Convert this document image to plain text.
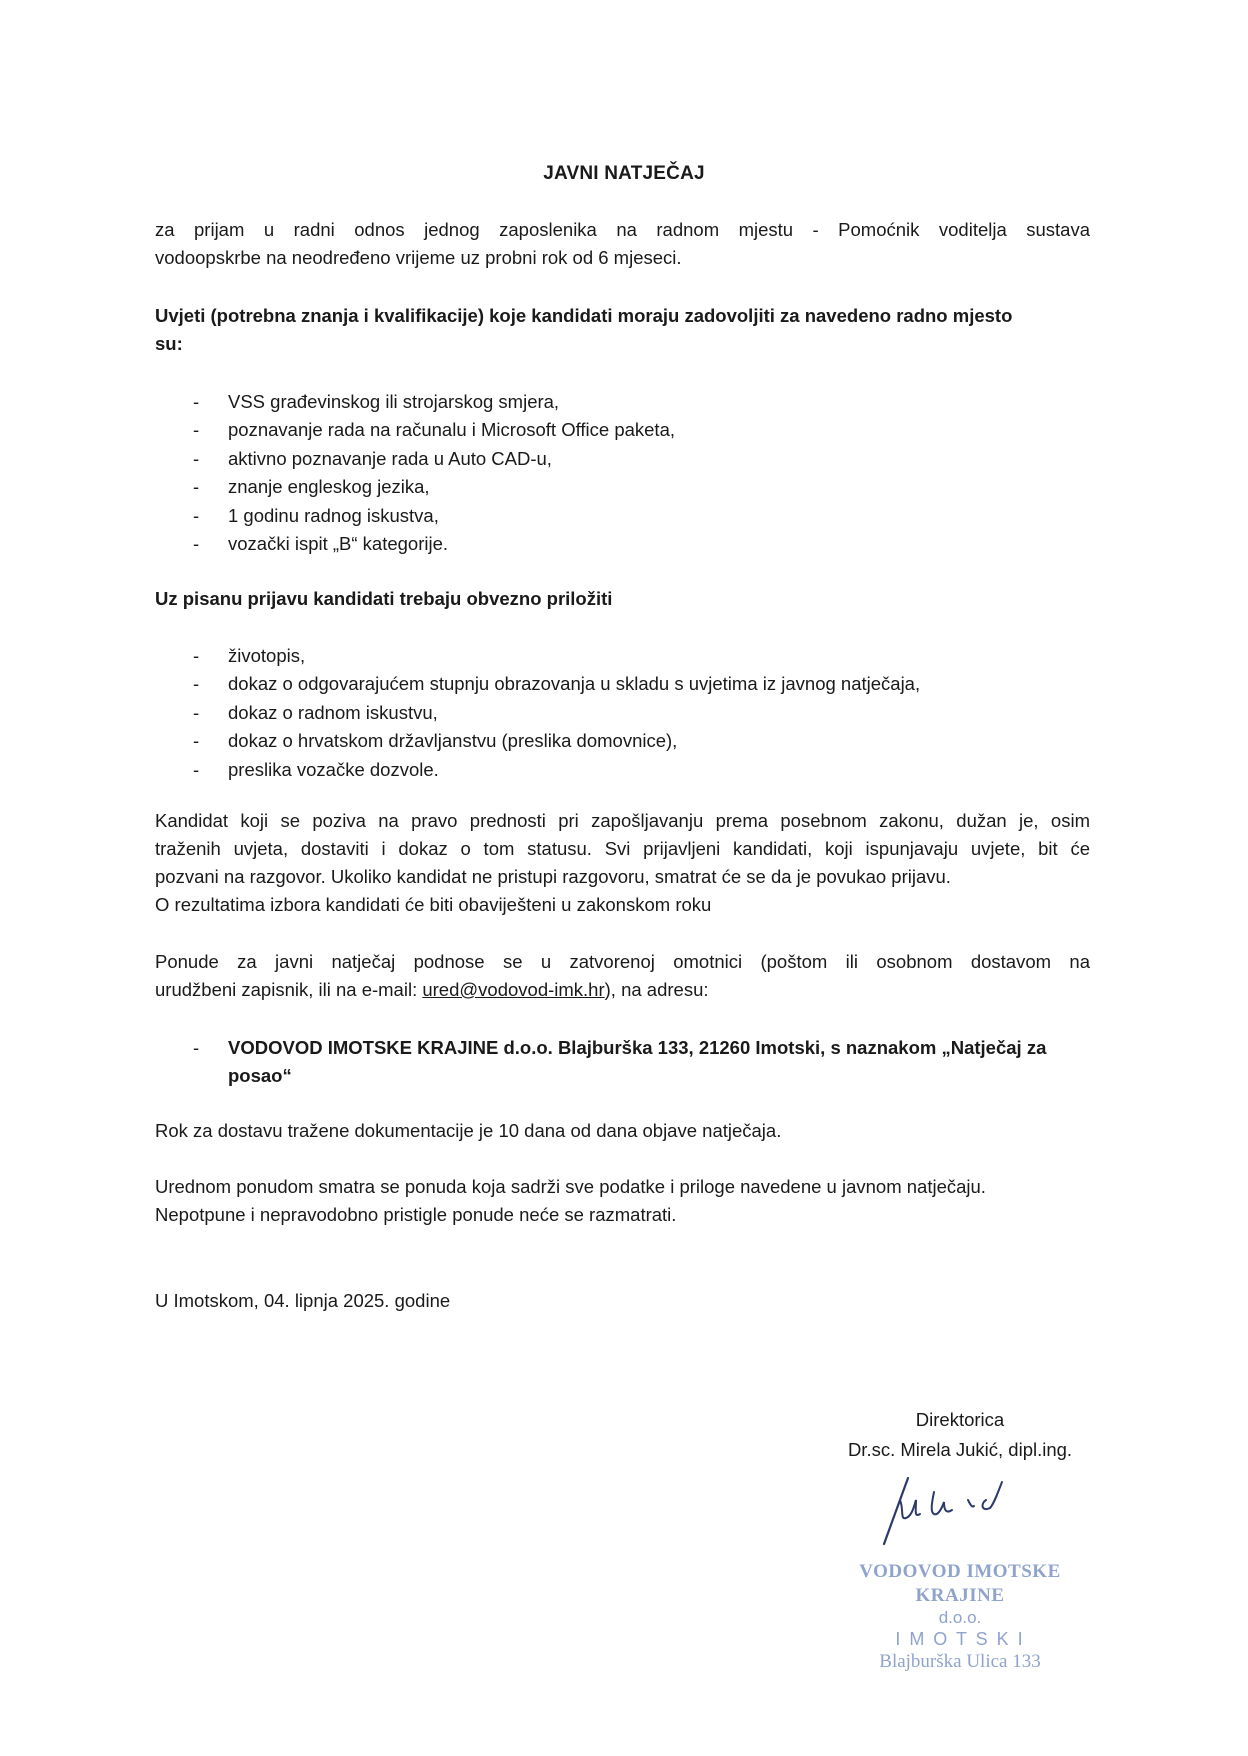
JAVNI NATJEČAJ
za prijam u radni odnos jednog zaposlenika na radnom mjestu - Pomoćnik voditelja sustava
vodoopskrbe na neodređeno vrijeme uz probni rok od 6 mjeseci.
Uvjeti (potrebna znanja i kvalifikacije) koje kandidati moraju zadovoljiti za navedeno radno mjesto
su:
- VSS građevinskog ili strojarskog smjera,
- poznavanje rada na računalu i Microsoft Office paketa,
- aktivno poznavanje rada u Auto CAD-u,
- znanje engleskog jezika,
- 1 godinu radnog iskustva,
- vozački ispit „B“ kategorije.
Uz pisanu prijavu kandidati trebaju obvezno priložiti
- životopis,
- dokaz o odgovarajućem stupnju obrazovanja u skladu s uvjetima iz javnog natječaja,
- dokaz o radnom iskustvu,
- dokaz o hrvatskom državljanstvu (preslika domovnice),
- preslika vozačke dozvole.
Kandidat koji se poziva na pravo prednosti pri zapošljavanju prema posebnom zakonu, dužan je, osim
traženih uvjeta, dostaviti i dokaz o tom statusu. Svi prijavljeni kandidati, koji ispunjavaju uvjete, bit će
pozvani na razgovor. Ukoliko kandidat ne pristupi razgovoru, smatrat će se da je povukao prijavu.
O rezultatima izbora kandidati će biti obaviješteni u zakonskom roku
Ponude za javni natječaj podnose se u zatvorenoj omotnici (poštom ili osobnom dostavom na
urudžbeni zapisnik, ili na e-mail: ured@vodovod-imk.hr), na adresu:
- VODOVOD IMOTSKE KRAJINE d.o.o. Blajburška 133, 21260 Imotski, s naznakom „Natječaj za
posao“
Rok za dostavu tražene dokumentacije je 10 dana od dana objave natječaja.
Urednom ponudom smatra se ponuda koja sadrži sve podatke i priloge navedene u javnom natječaju.
Nepotpune i nepravodobno pristigle ponude neće se razmatrati.
U Imotskom, 04. lipnja 2025. godine
Direktorica
Dr.sc. Mirela Jukić, dipl.ing.
VODOVOD IMOTSKE KRAJINE
d.o.o.
I M O T S K I
Blajburška Ulica 133
